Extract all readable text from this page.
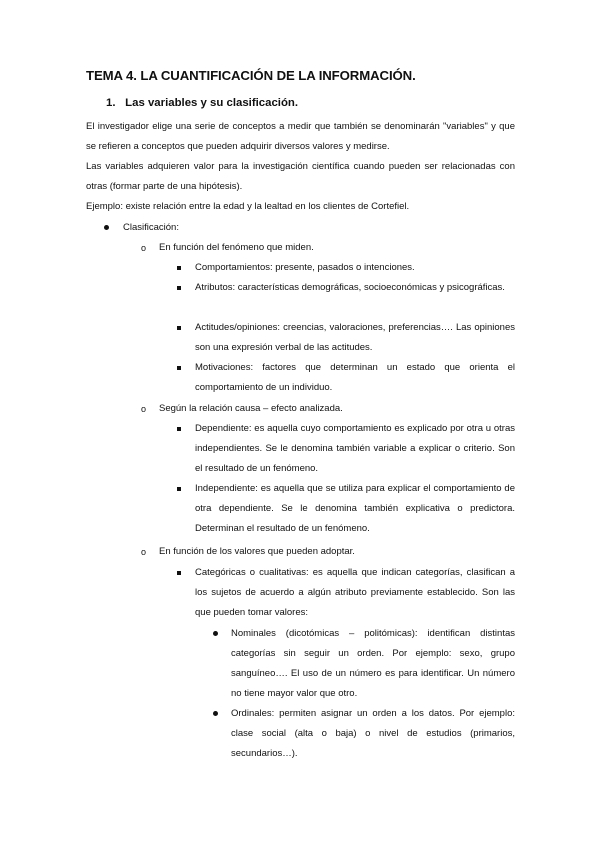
TEMA 4. LA CUANTIFICACIÓN DE LA INFORMACIÓN.
1. Las variables y su clasificación.
El investigador elige una serie de conceptos a medir que también se denominarán "variables" y que se refieren a conceptos que pueden adquirir diversos valores y medirse.
Las variables adquieren valor para la investigación científica cuando pueden ser relacionadas con otras (formar parte de una hipótesis).
Ejemplo: existe relación entre la edad y la lealtad en los clientes de Cortefiel.
Clasificación:
o En función del fenómeno que miden.
Comportamientos: presente, pasados o intenciones.
Atributos: características demográficas, socioeconómicas y psicográficas.
Actitudes/opiniones: creencias, valoraciones, preferencias…. Las opiniones son una expresión verbal de las actitudes.
Motivaciones: factores que determinan un estado que orienta el comportamiento de un individuo.
o Según la relación causa – efecto analizada.
Dependiente: es aquella cuyo comportamiento es explicado por otra u otras independientes. Se le denomina también variable a explicar o criterio. Son el resultado de un fenómeno.
Independiente: es aquella que se utiliza para explicar el comportamiento de otra dependiente. Se le denomina también explicativa o predictora. Determinan el resultado de un fenómeno.
o En función de los valores que pueden adoptar.
Categóricas o cualitativas: es aquella que indican categorías, clasifican a los sujetos de acuerdo a algún atributo previamente establecido. Son las que pueden tomar valores:
Nominales (dicotómicas – politómicas): identifican distintas categorías sin seguir un orden. Por ejemplo: sexo, grupo sanguíneo…. El uso de un número es para identificar. Un número no tiene mayor valor que otro.
Ordinales: permiten asignar un orden a los datos. Por ejemplo: clase social (alta o baja) o nivel de estudios (primarios, secundarios…).
